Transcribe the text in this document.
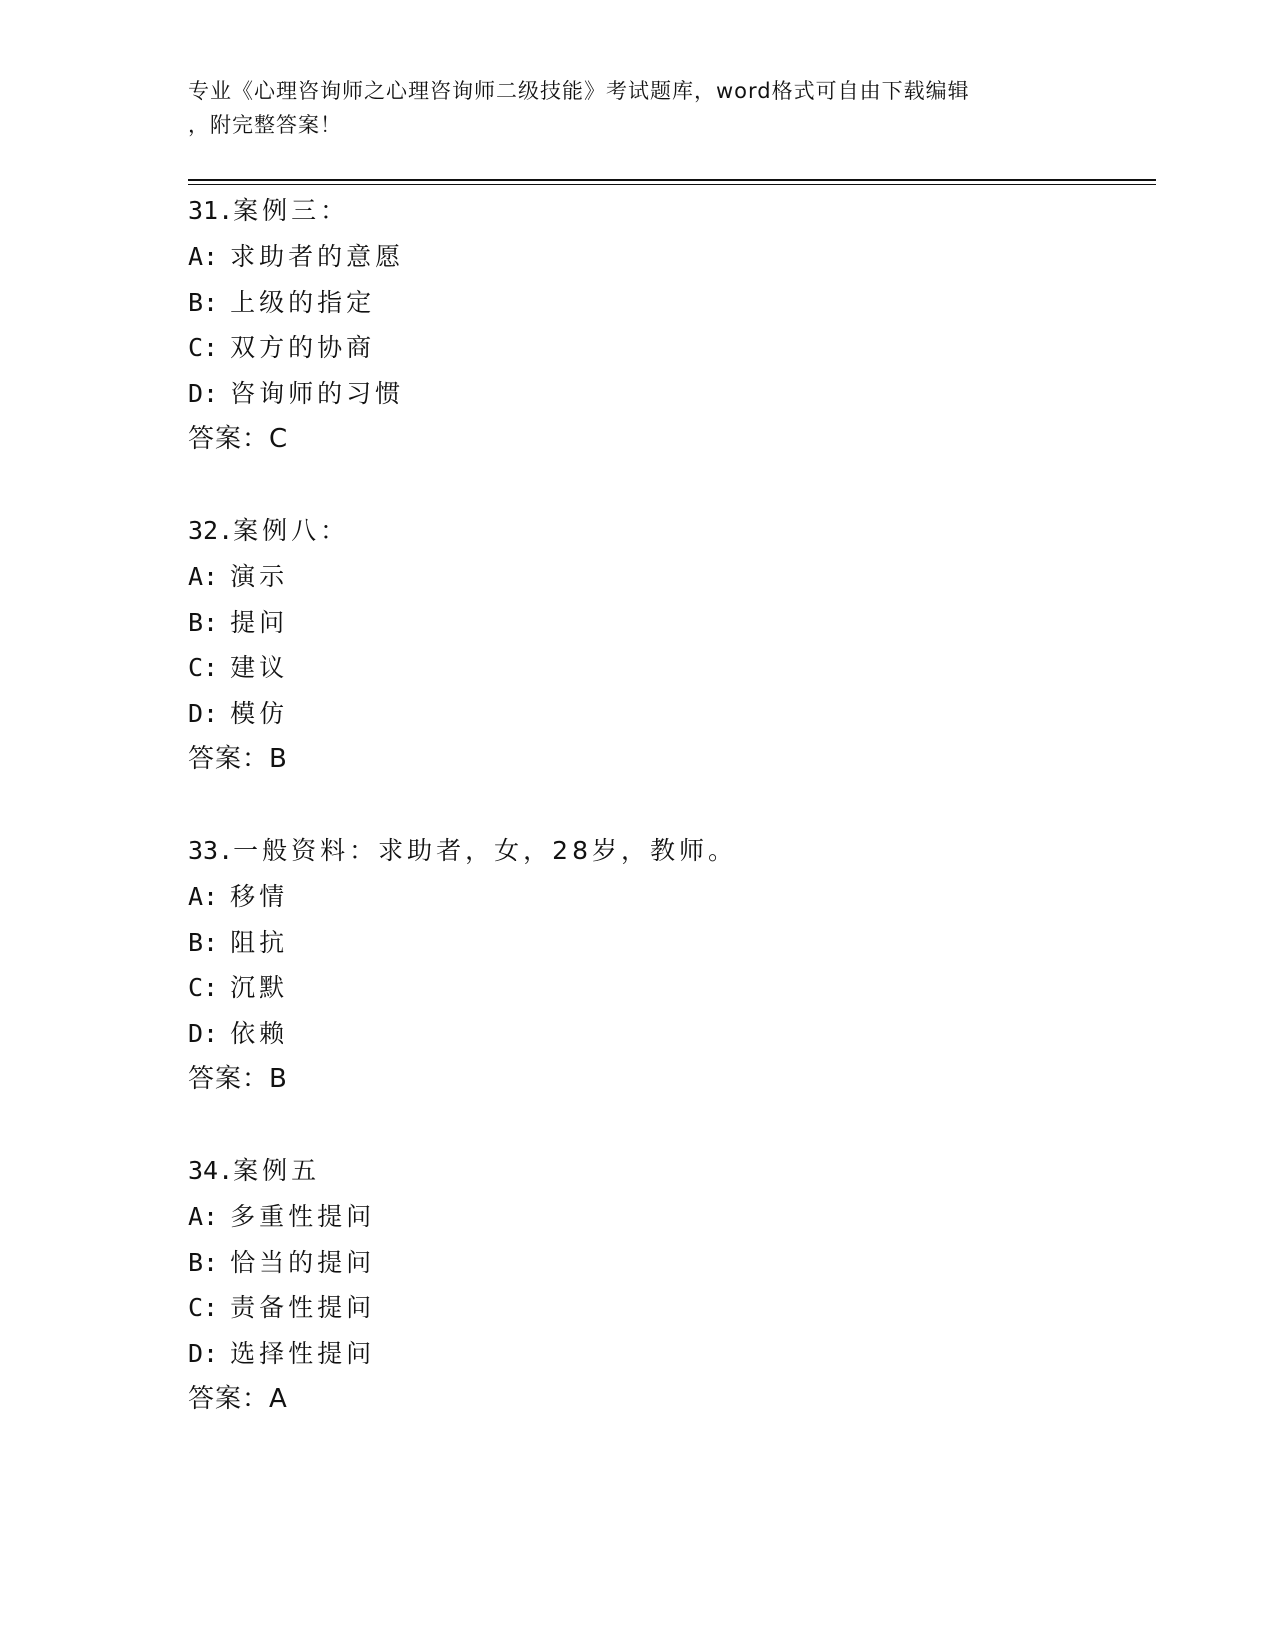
专业《心理咨询师之心理咨询师二级技能》考试题库，word格式可自由下载编辑
，附完整答案！
31.案例三：
A: 求助者的意愿
B: 上级的指定
C: 双方的协商
D: 咨询师的习惯
答案：C
32.案例八：
A: 演示
B: 提问
C: 建议
D: 模仿
答案：B
33.一般资料：求助者，女，28岁，教师。
A: 移情
B: 阻抗
C: 沉默
D: 依赖
答案：B
34.案例五
A: 多重性提问
B: 恰当的提问
C: 责备性提问
D: 选择性提问
答案：A
